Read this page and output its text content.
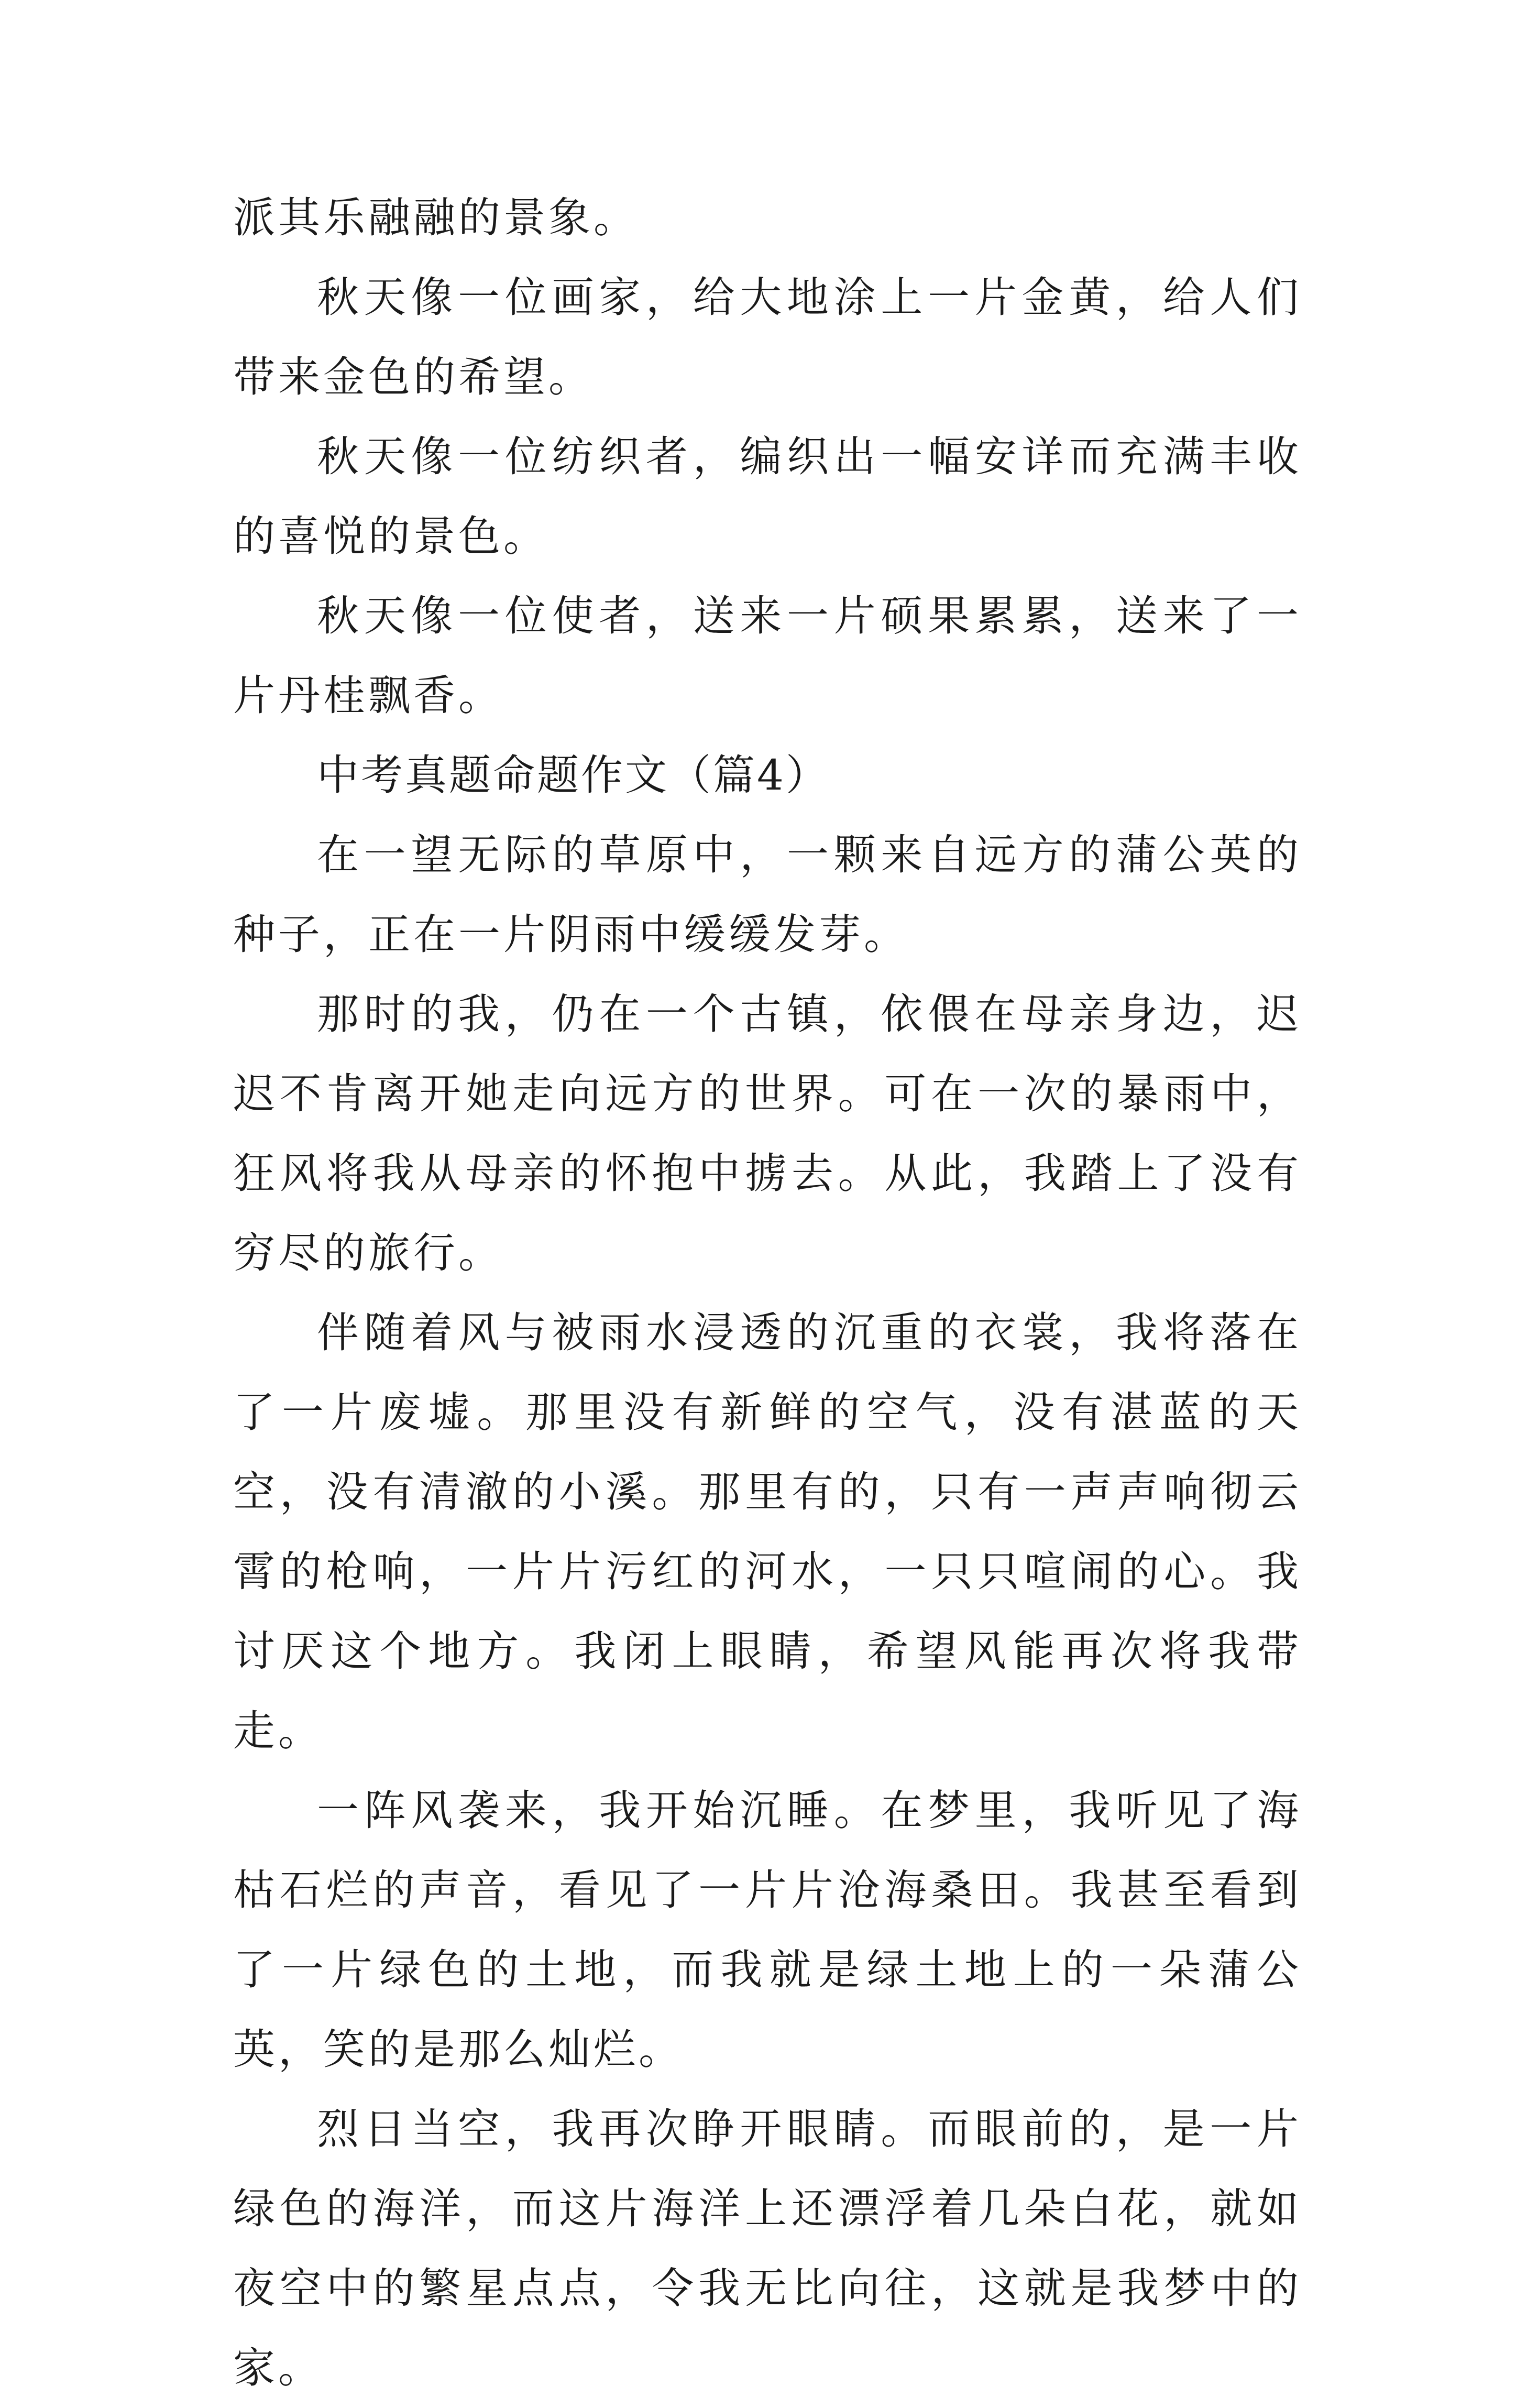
派其乐融融的景象。

秋天像一位画家，给大地涂上一片金黄，给人们带来金色的希望。

秋天像一位纺织者，编织出一幅安详而充满丰收的喜悦的景色。

秋天像一位使者，送来一片硕果累累，送来了一片丹桂飘香。

中考真题命题作文（篇4）

在一望无际的草原中，一颗来自远方的蒲公英的种子，正在一片阴雨中缓缓发芽。

那时的我，仍在一个古镇，依偎在母亲身边，迟迟不肯离开她走向远方的世界。可在一次的暴雨中，狂风将我从母亲的怀抱中掳去。从此，我踏上了没有穷尽的旅行。

伴随着风与被雨水浸透的沉重的衣裳，我将落在了一片废墟。那里没有新鲜的空气，没有湛蓝的天空，没有清澈的小溪。那里有的，只有一声声响彻云霄的枪响，一片片污红的河水，一只只喧闹的心。我讨厌这个地方。我闭上眼睛，希望风能再次将我带走。

一阵风袭来，我开始沉睡。在梦里，我听见了海枯石烂的声音，看见了一片片沧海桑田。我甚至看到了一片绿色的土地，而我就是绿土地上的一朵蒲公英，笑的是那么灿烂。

烈日当空，我再次睁开眼睛。而眼前的，是一片绿色的海洋，而这片海洋上还漂浮着几朵白花，就如夜空中的繁星点点，令我无比向往，这就是我梦中的家。
